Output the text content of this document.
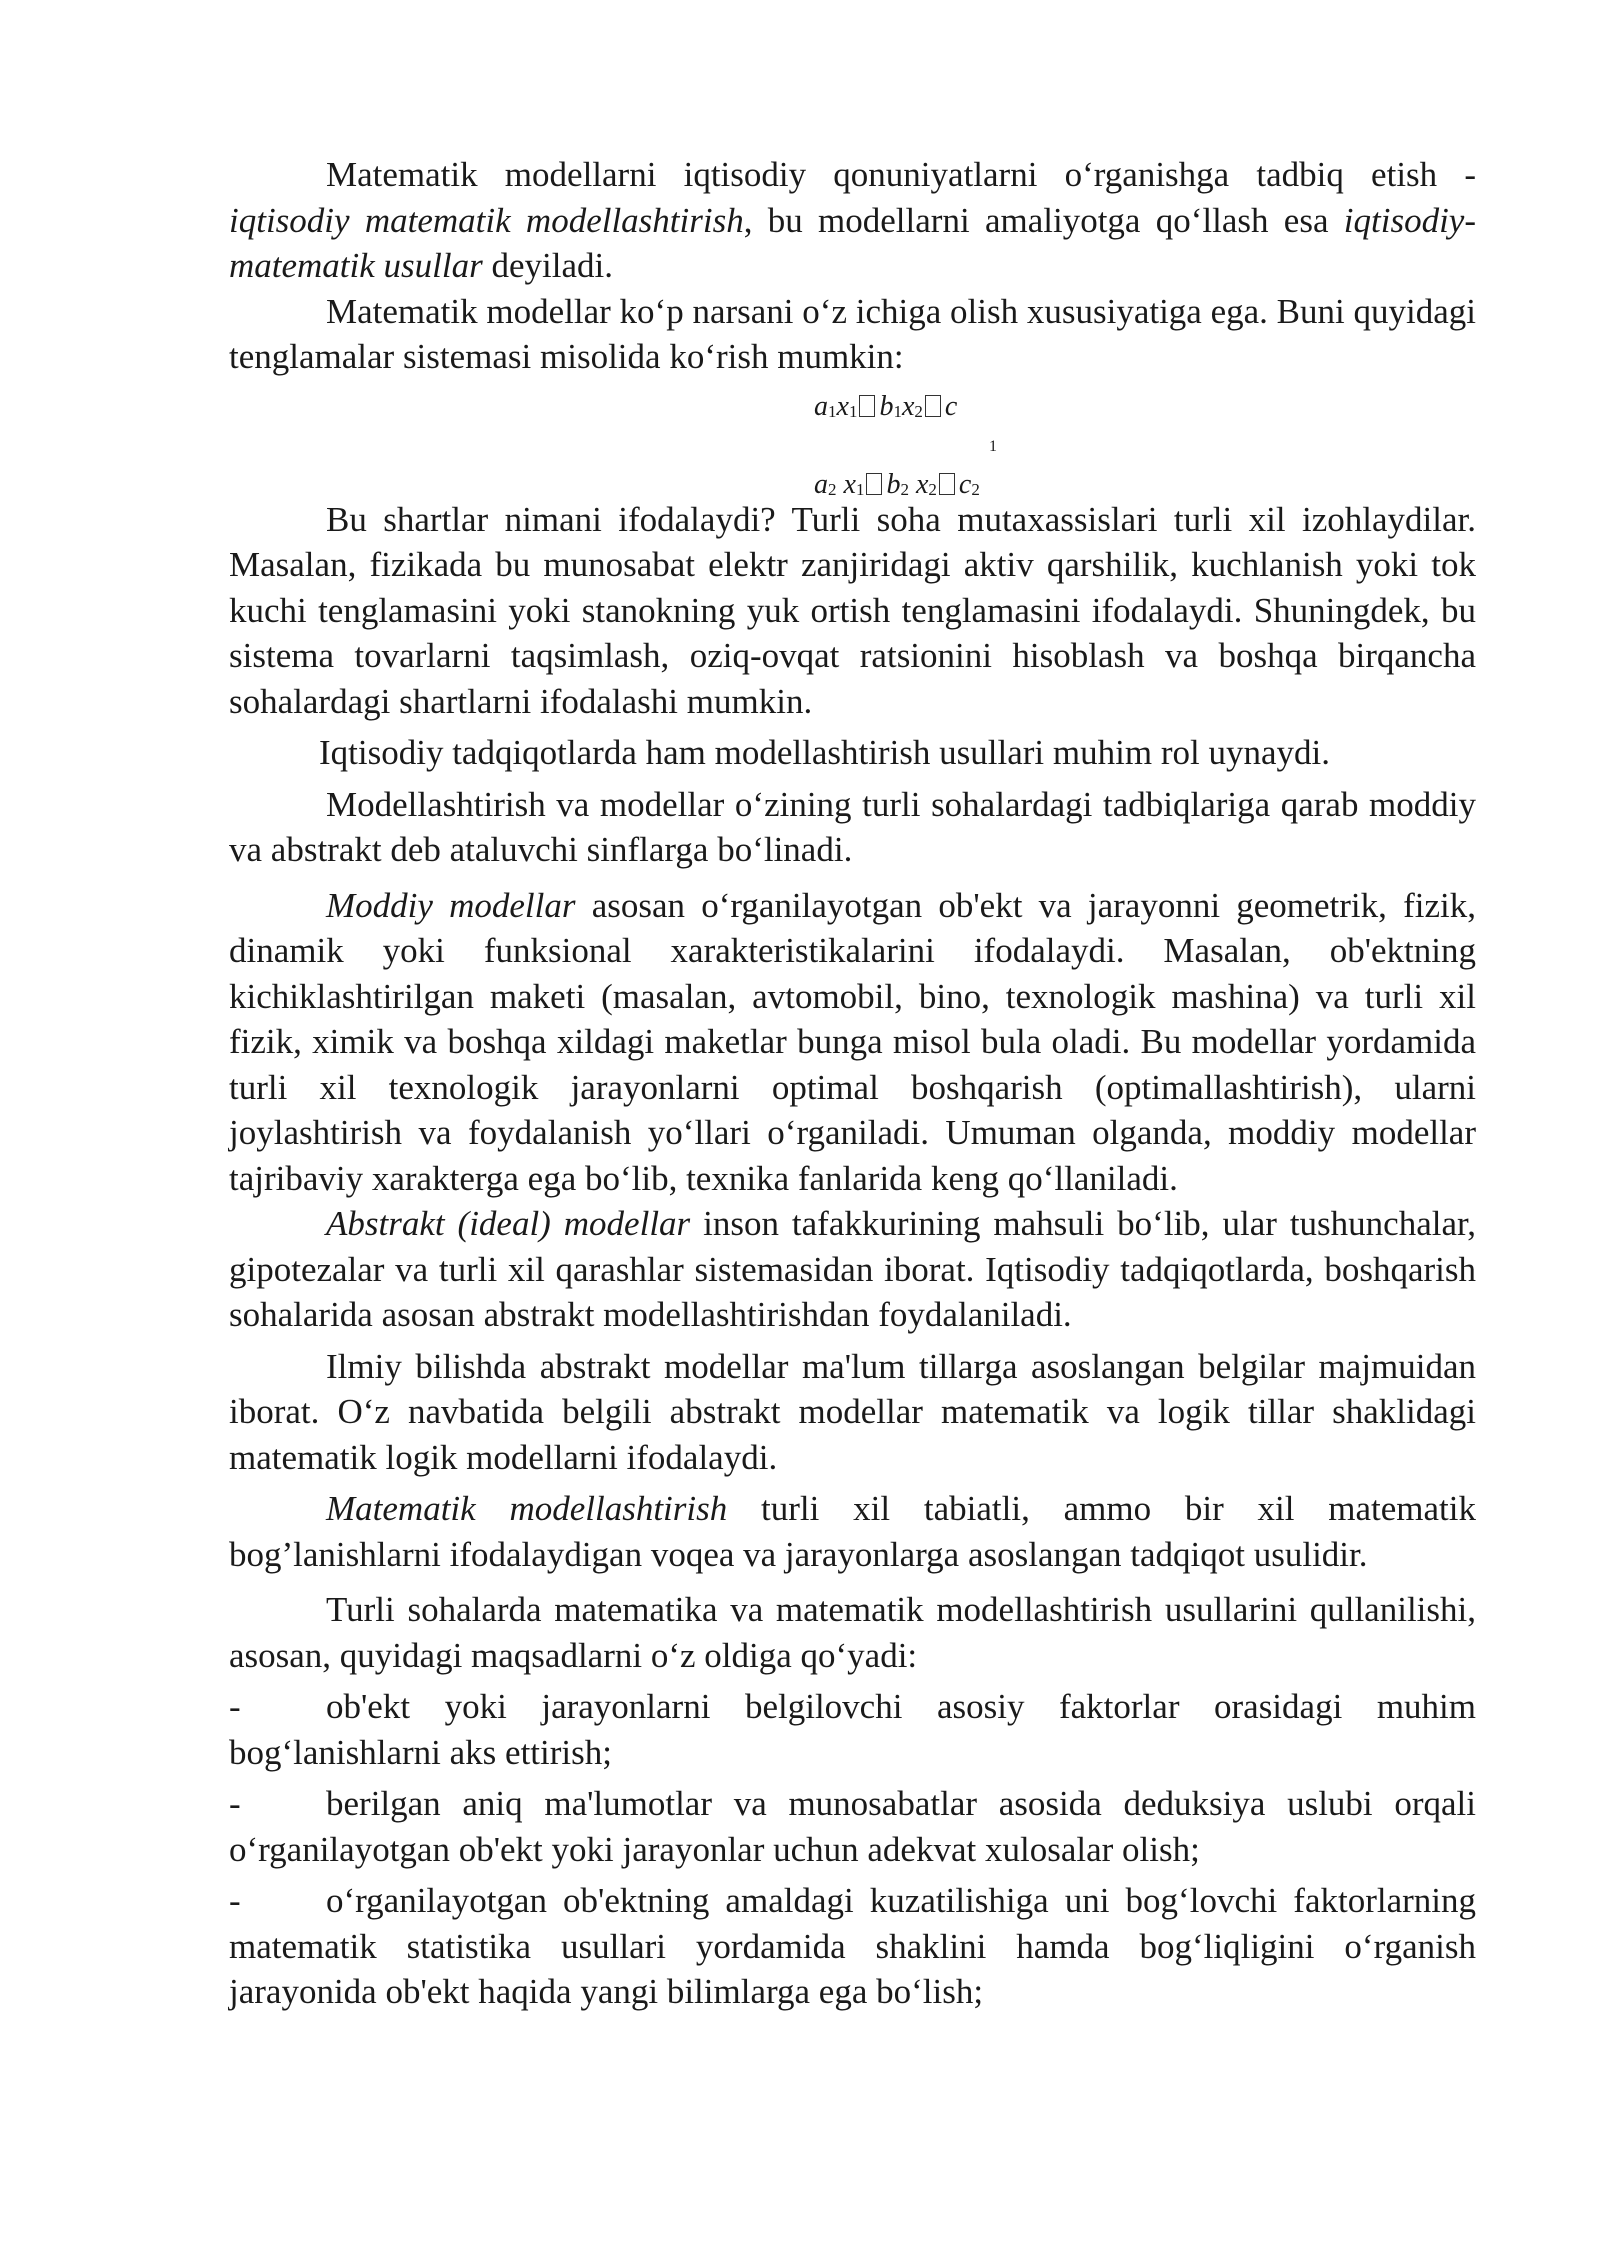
Matematik modellarni iqtisodiy qonuniyatlarni o‘rganishga tadbiq etish - iqtisodiy matematik modellashtirish, bu modellarni amaliyotga qo‘llash esa iqtisodiy-matematik usullar deyiladi.

Matematik modellar ko‘p narsani o‘z ichiga olish xususiyatiga ega. Buni quyidagi tenglamalar sistemasi misolida ko‘rish mumkin:

$a_1x_1$ $b_1x_2$ c
1
$a_2$ $x_1$ $b_2$ $x_2$ $c_2$

Bu shartlar nimani ifodalaydi? Turli soha mutaxassislari turli xil izohlaydilar. Masalan, fizikada bu munosabat elektr zanjiridagi aktiv qarshilik, kuchlanish yoki tok kuchi tenglamasini yoki stanokning yuk ortish tenglamasini ifodalaydi. Shuningdek, bu sistema tovarlarni taqsimlash, oziq-ovqat ratsionini hisoblash va boshqa birqancha sohalardagi shartlarni ifodalashi mumkin.

Iqtisodiy tadqiqotlarda ham modellashtirish usullari muhim rol uynaydi.

Modellashtirish va modellar o‘zining turli sohalardagi tadbiqlariga qarab moddiy va abstrakt deb ataluvchi sinflarga bo‘linadi.

Moddiy modellar asosan o‘rganilayotgan ob'ekt va jarayonni geometrik, fizik, dinamik yoki funksional xarakteristikalarini ifodalaydi. Masalan, ob'ektning kichiklashtirilgan maketi (masalan, avtomobil, bino, texnologik mashina) va turli xil fizik, ximik va boshqa xildagi maketlar bunga misol bula oladi. Bu modellar yordamida turli xil texnologik jarayonlarni optimal boshqarish (optimallashtirish), ularni joylashtirish va foydalanish yo‘llari o‘rganiladi. Umuman olganda, moddiy modellar tajribaviy xarakterga ega bo‘lib, texnika fanlarida keng qo‘llaniladi.

Abstrakt (ideal) modellar inson tafakkurining mahsuli bo‘lib, ular tushunchalar, gipotezalar va turli xil qarashlar sistemasidan iborat. Iqtisodiy tadqiqotlarda, boshqarish sohalarida asosan abstrakt modellashtirishdan foydalaniladi.

Ilmiy bilishda abstrakt modellar ma'lum tillarga asoslangan belgilar majmuidan iborat. O‘z navbatida belgili abstrakt modellar matematik va logik tillar shaklidagi matematik logik modellarni ifodalaydi.

Matematik modellashtirish turli xil tabiatli, ammo bir xil matematik bog’lanishlarni ifodalaydigan voqea va jarayonlarga asoslangan tadqiqot usulidir.

Turli sohalarda matematika va matematik modellashtirish usullarini qullanilishi, asosan, quyidagi maqsadlarni o‘z oldiga qo‘yadi:

- ob'ekt yoki jarayonlarni belgilovchi asosiy faktorlar orasidagi muhim bog‘lanishlarni aks ettirish;

- berilgan aniq ma'lumotlar va munosabatlar asosida deduksiya uslubi orqali o‘rganilayotgan ob'ekt yoki jarayonlar uchun adekvat xulosalar olish;

- o‘rganilayotgan ob'ektning amaldagi kuzatilishiga uni bog‘lovchi faktorlarning matematik statistika usullari yordamida shaklini hamda bog‘liqligini o‘rganish jarayonida ob'ekt haqida yangi bilimlarga ega bo‘lish;
